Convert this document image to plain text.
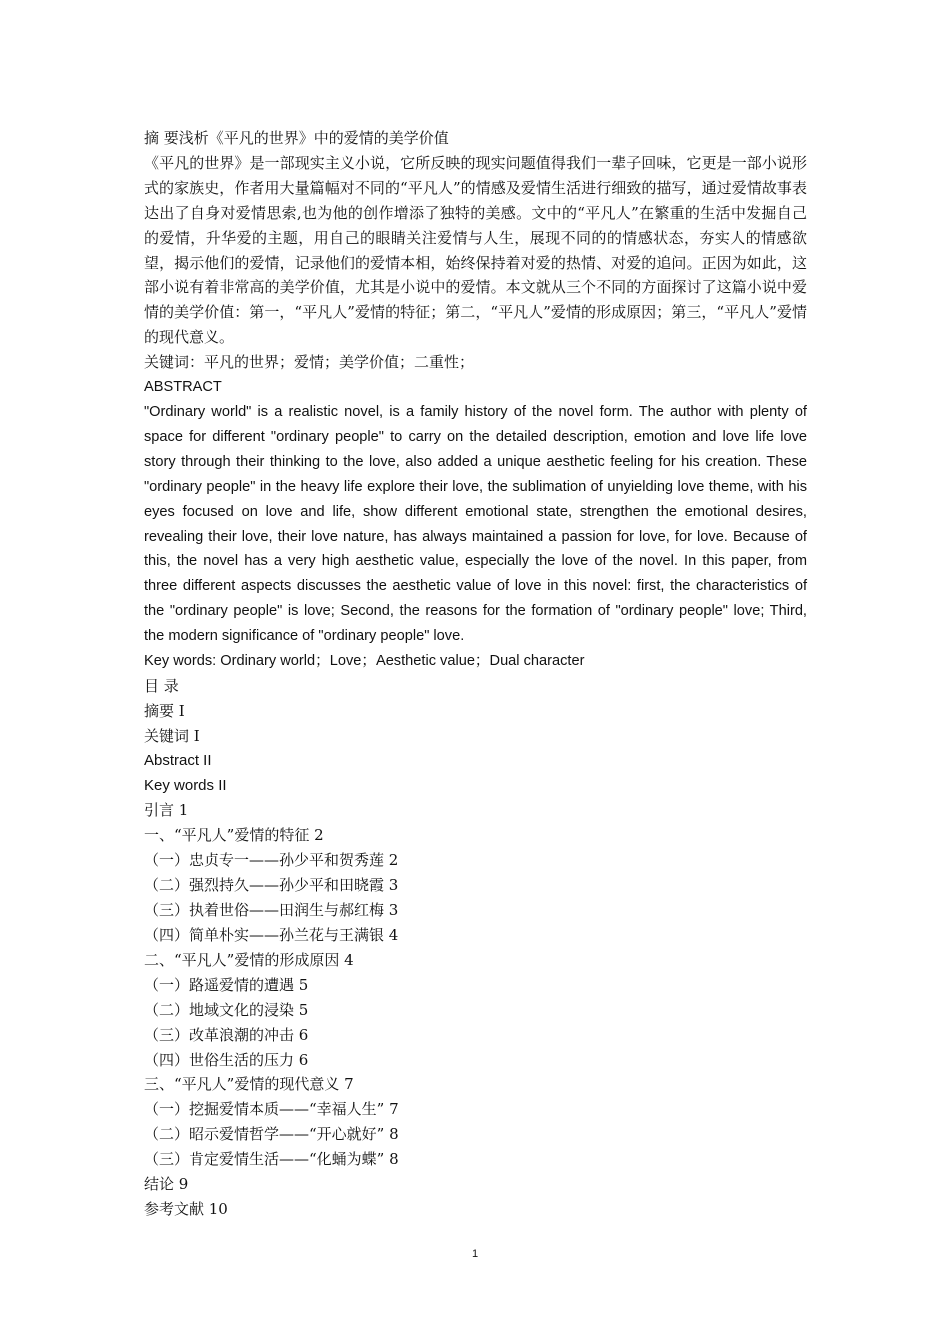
摘 要浅析《平凡的世界》中的爱情的美学价值
《平凡的世界》是一部现实主义小说，它所反映的现实问题值得我们一辈子回味，它更是一部小说形式的家族史，作者用大量篇幅对不同的“平凡人”的情感及爱情生活进行细致的描写，通过爱情故事表达出了自身对爱情思索,也为他的创作增添了独特的美感。文中的“平凡人”在繁重的生活中发掘自己的爱情，升华爱的主题，用自己的眼睛关注爱情与人生，展现不同的的情感状态，夯实人的情感欲望，揭示他们的爱情，记录他们的爱情本相，始终保持着对爱的热情、对爱的追问。正因为如此，这部小说有着非常高的美学价值，尤其是小说中的爱情。本文就从三个不同的方面探讨了这篇小说中爱情的美学价值：第一，“平凡人”爱情的特征；第二，“平凡人”爱情的形成原因；第三，“平凡人”爱情的现代意义。
关键词：平凡的世界；爱情；美学价值；二重性；
ABSTRACT
"Ordinary world" is a realistic novel, is a family history of the novel form. The author with plenty of space for different "ordinary people" to carry on the detailed description, emotion and love life love story through their thinking to the love, also added a unique aesthetic feeling for his creation. These "ordinary people" in the heavy life explore their love, the sublimation of unyielding love theme, with his eyes focused on love and life, show different emotional state, strengthen the emotional desires, revealing their love, their love nature, has always maintained a passion for love, for love. Because of this, the novel has a very high aesthetic value, especially the love of the novel. In this paper, from three different aspects discusses the aesthetic value of love in this novel: first, the characteristics of the "ordinary people" is love; Second, the reasons for the formation of "ordinary people" love; Third, the modern significance of "ordinary people" love.
Key words: Ordinary world；Love；Aesthetic value；Dual character
目 录
摘要 I
关键词 I
Abstract II
Key words II
引言 1
一、“平凡人”爱情的特征 2
（一）忠贞专一——孙少平和贺秀莲 2
（二）强烈持久——孙少平和田晓霞 3
（三）执着世俗——田润生与郝红梅 3
（四）简单朴实——孙兰花与王满银 4
二、“平凡人”爱情的形成原因 4
（一）路遥爱情的遭遇 5
（二）地域文化的浸染 5
（三）改革浪潮的冲击 6
（四）世俗生活的压力 6
三、“平凡人”爱情的现代意义 7
（一）挖掘爱情本质——“幸福人生” 7
（二）昭示爱情哲学——“开心就好” 8
（三）肯定爱情生活——“化蛹为蝶” 8
结论 9
参考文献 10
1
